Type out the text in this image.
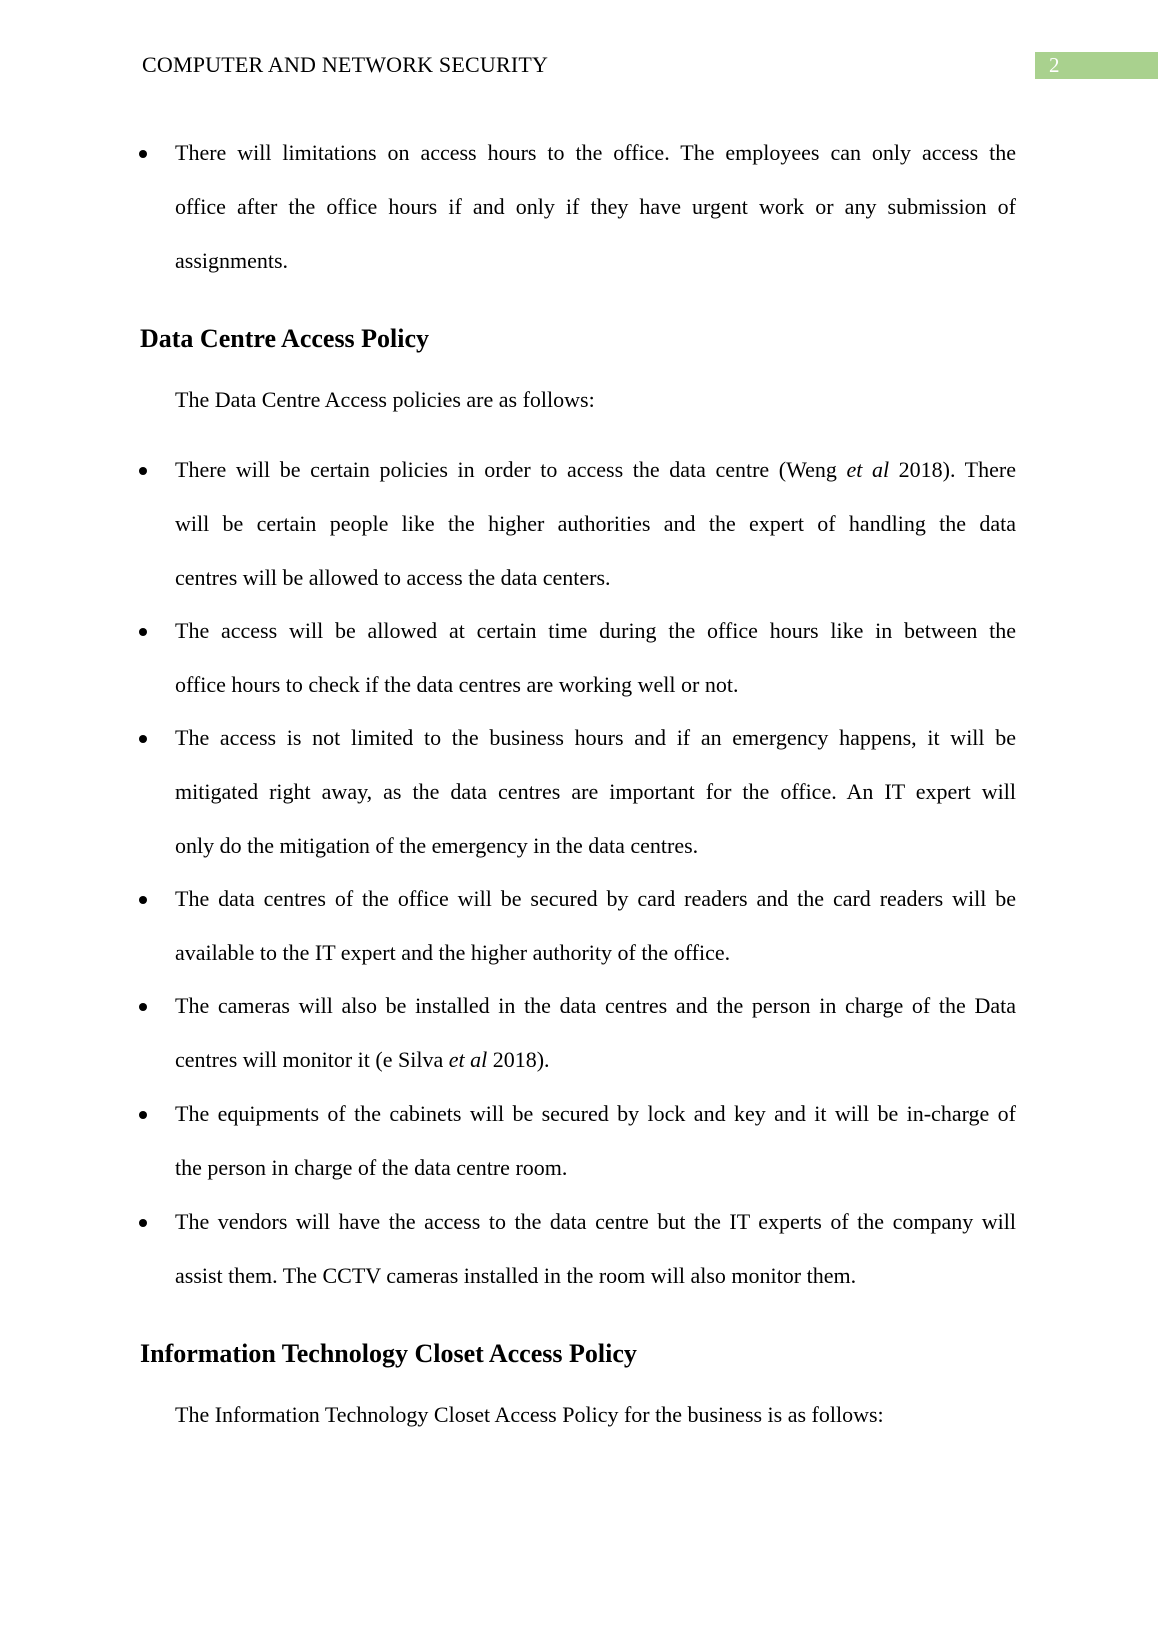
COMPUTER AND NETWORK SECURITY	2
There will limitations on access hours to the office. The employees can only access the
office after the office hours if and only if they have urgent work or any submission of
assignments.
Data Centre Access Policy
The Data Centre Access policies are as follows:
There will be certain policies in order to access the data centre (Weng et al 2018). There
will be certain people like the higher authorities and the expert of handling the data
centres will be allowed to access the data centers.
The access will be allowed at certain time during the office hours like in between the
office hours to check if the data centres are working well or not.
The access is not limited to the business hours and if an emergency happens, it will be
mitigated right away, as the data centres are important for the office. An IT expert will
only do the mitigation of the emergency in the data centres.
The data centres of the office will be secured by card readers and the card readers will be
available to the IT expert and the higher authority of the office.
The cameras will also be installed in the data centres and the person in charge of the Data
centres will monitor it (e Silva et al 2018).
The equipments of the cabinets will be secured by lock and key and it will be in-charge of
the person in charge of the data centre room.
The vendors will have the access to the data centre but the IT experts of the company will
assist them. The CCTV cameras installed in the room will also monitor them.
Information Technology Closet Access Policy
The Information Technology Closet Access Policy for the business is as follows:
